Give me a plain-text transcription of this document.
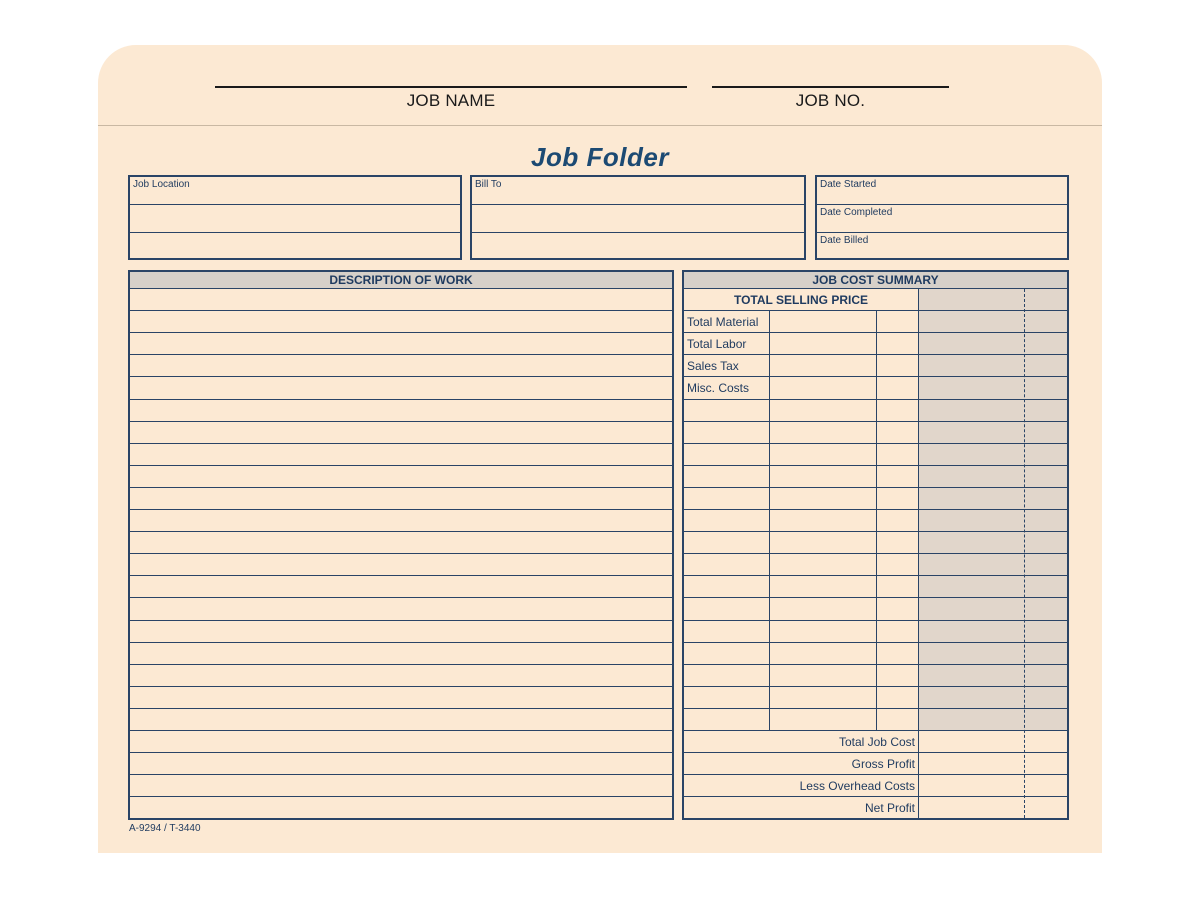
JOB NAME	JOB NO.
Job Folder
Job Location	Bill To	Date Started
Date Completed
Date Billed
DESCRIPTION OF WORK	JOB COST SUMMARY
TOTAL SELLING PRICE
Total Material
Total Labor
Sales Tax
Misc. Costs
Total Job Cost
Gross Profit
Less Overhead Costs
Net Profit
A-9294 / T-3440
